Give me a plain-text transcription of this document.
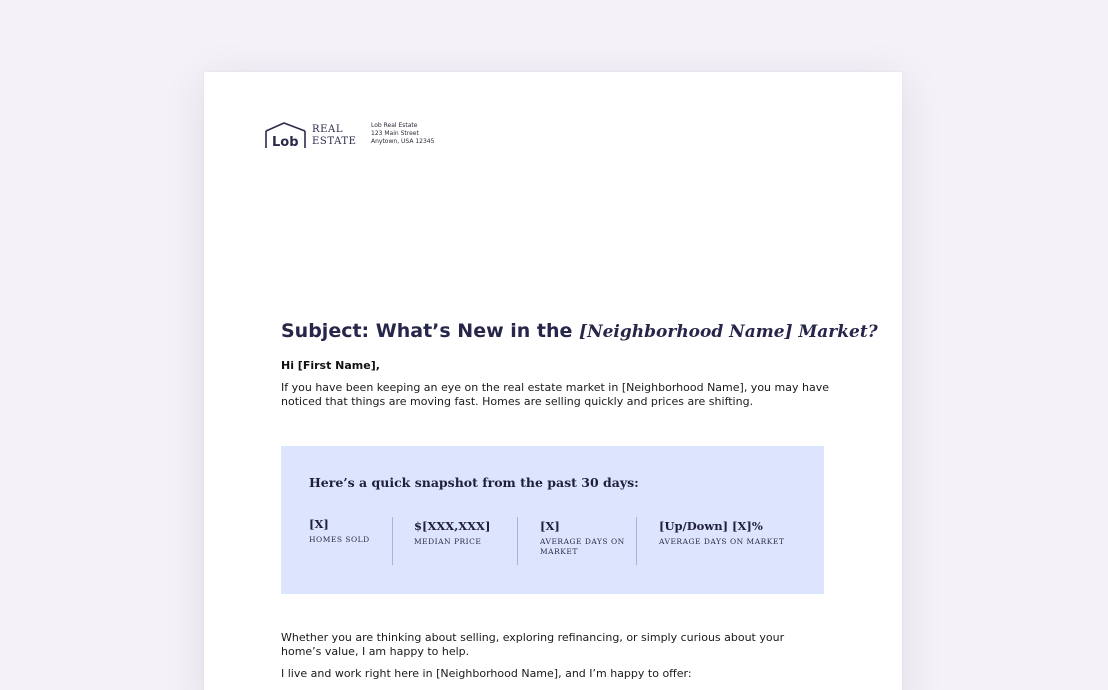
Lob
REAL
ESTATE
Lob Real Estate
123 Main Street
Anytown, USA 12345
Subject: What’s New in the [Neighborhood Name] Market?
Hi [First Name],
If you have been keeping an eye on the real estate market in [Neighborhood Name], you may have
noticed that things are moving fast. Homes are selling quickly and prices are shifting.
Here’s a quick snapshot from the past 30 days:
[X]
HOMES SOLD
$[XXX,XXX]
MEDIAN PRICE
[X]
AVERAGE DAYS ON
MARKET
[Up/Down] [X]%
AVERAGE DAYS ON MARKET
Whether you are thinking about selling, exploring refinancing, or simply curious about your
home’s value, I am happy to help.
I live and work right here in [Neighborhood Name], and I’m happy to offer:
